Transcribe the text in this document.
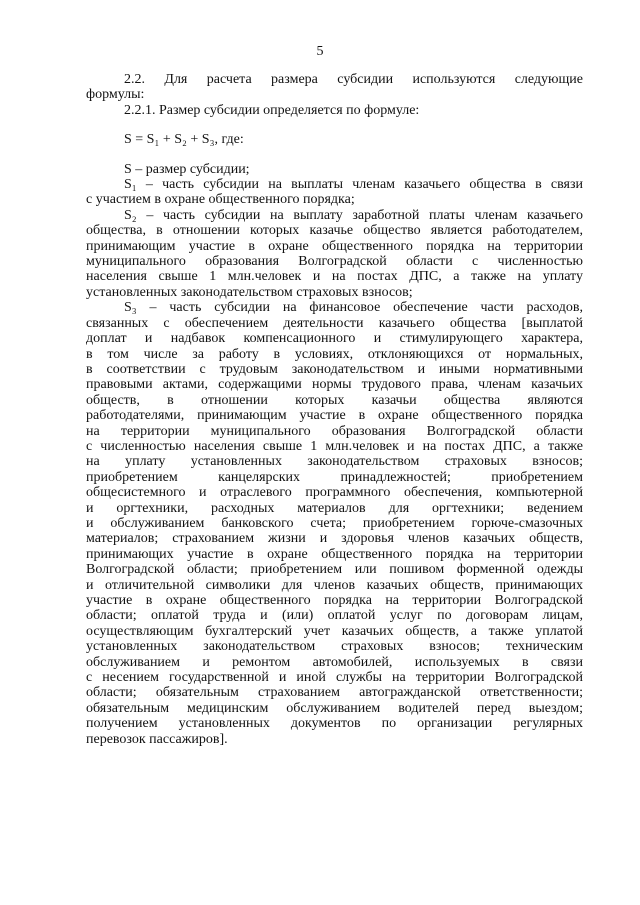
5
2.2. Для расчета размера субсидии используются следующие
формулы:
2.2.1. Размер субсидии определяется по формуле:
S = S₁ + S₂ + S₃, где:
S – размер субсидии;
S₁ – часть субсидии на выплаты членам казачьего общества в связи
с участием в охране общественного порядка;
S₂ – часть субсидии на выплату заработной платы членам казачьего
общества, в отношении которых казачье общество является работодателем,
принимающим участие в охране общественного порядка на территории
муниципального образования Волгоградской области с численностью
населения свыше 1 млн.человек и на постах ДПС, а также на уплату
установленных законодательством страховых взносов;
S₃ – часть субсидии на финансовое обеспечение части расходов,
связанных с обеспечением деятельности казачьего общества [выплатой
доплат и надбавок компенсационного и стимулирующего характера,
в том числе за работу в условиях, отклоняющихся от нормальных,
в соответствии с трудовым законодательством и иными нормативными
правовыми актами, содержащими нормы трудового права, членам казачьих
обществ, в отношении которых казачьи общества являются
работодателями, принимающим участие в охране общественного порядка
на территории муниципального образования Волгоградской области
с численностью населения свыше 1 млн.человек и на постах ДПС, а также
на уплату установленных законодательством страховых взносов;
приобретением канцелярских принадлежностей; приобретением
общесистемного и отраслевого программного обеспечения, компьютерной
и оргтехники, расходных материалов для оргтехники; ведением
и обслуживанием банковского счета; приобретением горюче-смазочных
материалов; страхованием жизни и здоровья членов казачьих обществ,
принимающих участие в охране общественного порядка на территории
Волгоградской области; приобретением или пошивом форменной одежды
и отличительной символики для членов казачьих обществ, принимающих
участие в охране общественного порядка на территории Волгоградской
области; оплатой труда и (или) оплатой услуг по договорам лицам,
осуществляющим бухгалтерский учет казачьих обществ, а также уплатой
установленных законодательством страховых взносов; техническим
обслуживанием и ремонтом автомобилей, используемых в связи
с несением государственной и иной службы на территории Волгоградской
области; обязательным страхованием автогражданской ответственности;
обязательным медицинским обслуживанием водителей перед выездом;
получением установленных документов по организации регулярных
перевозок пассажиров].
